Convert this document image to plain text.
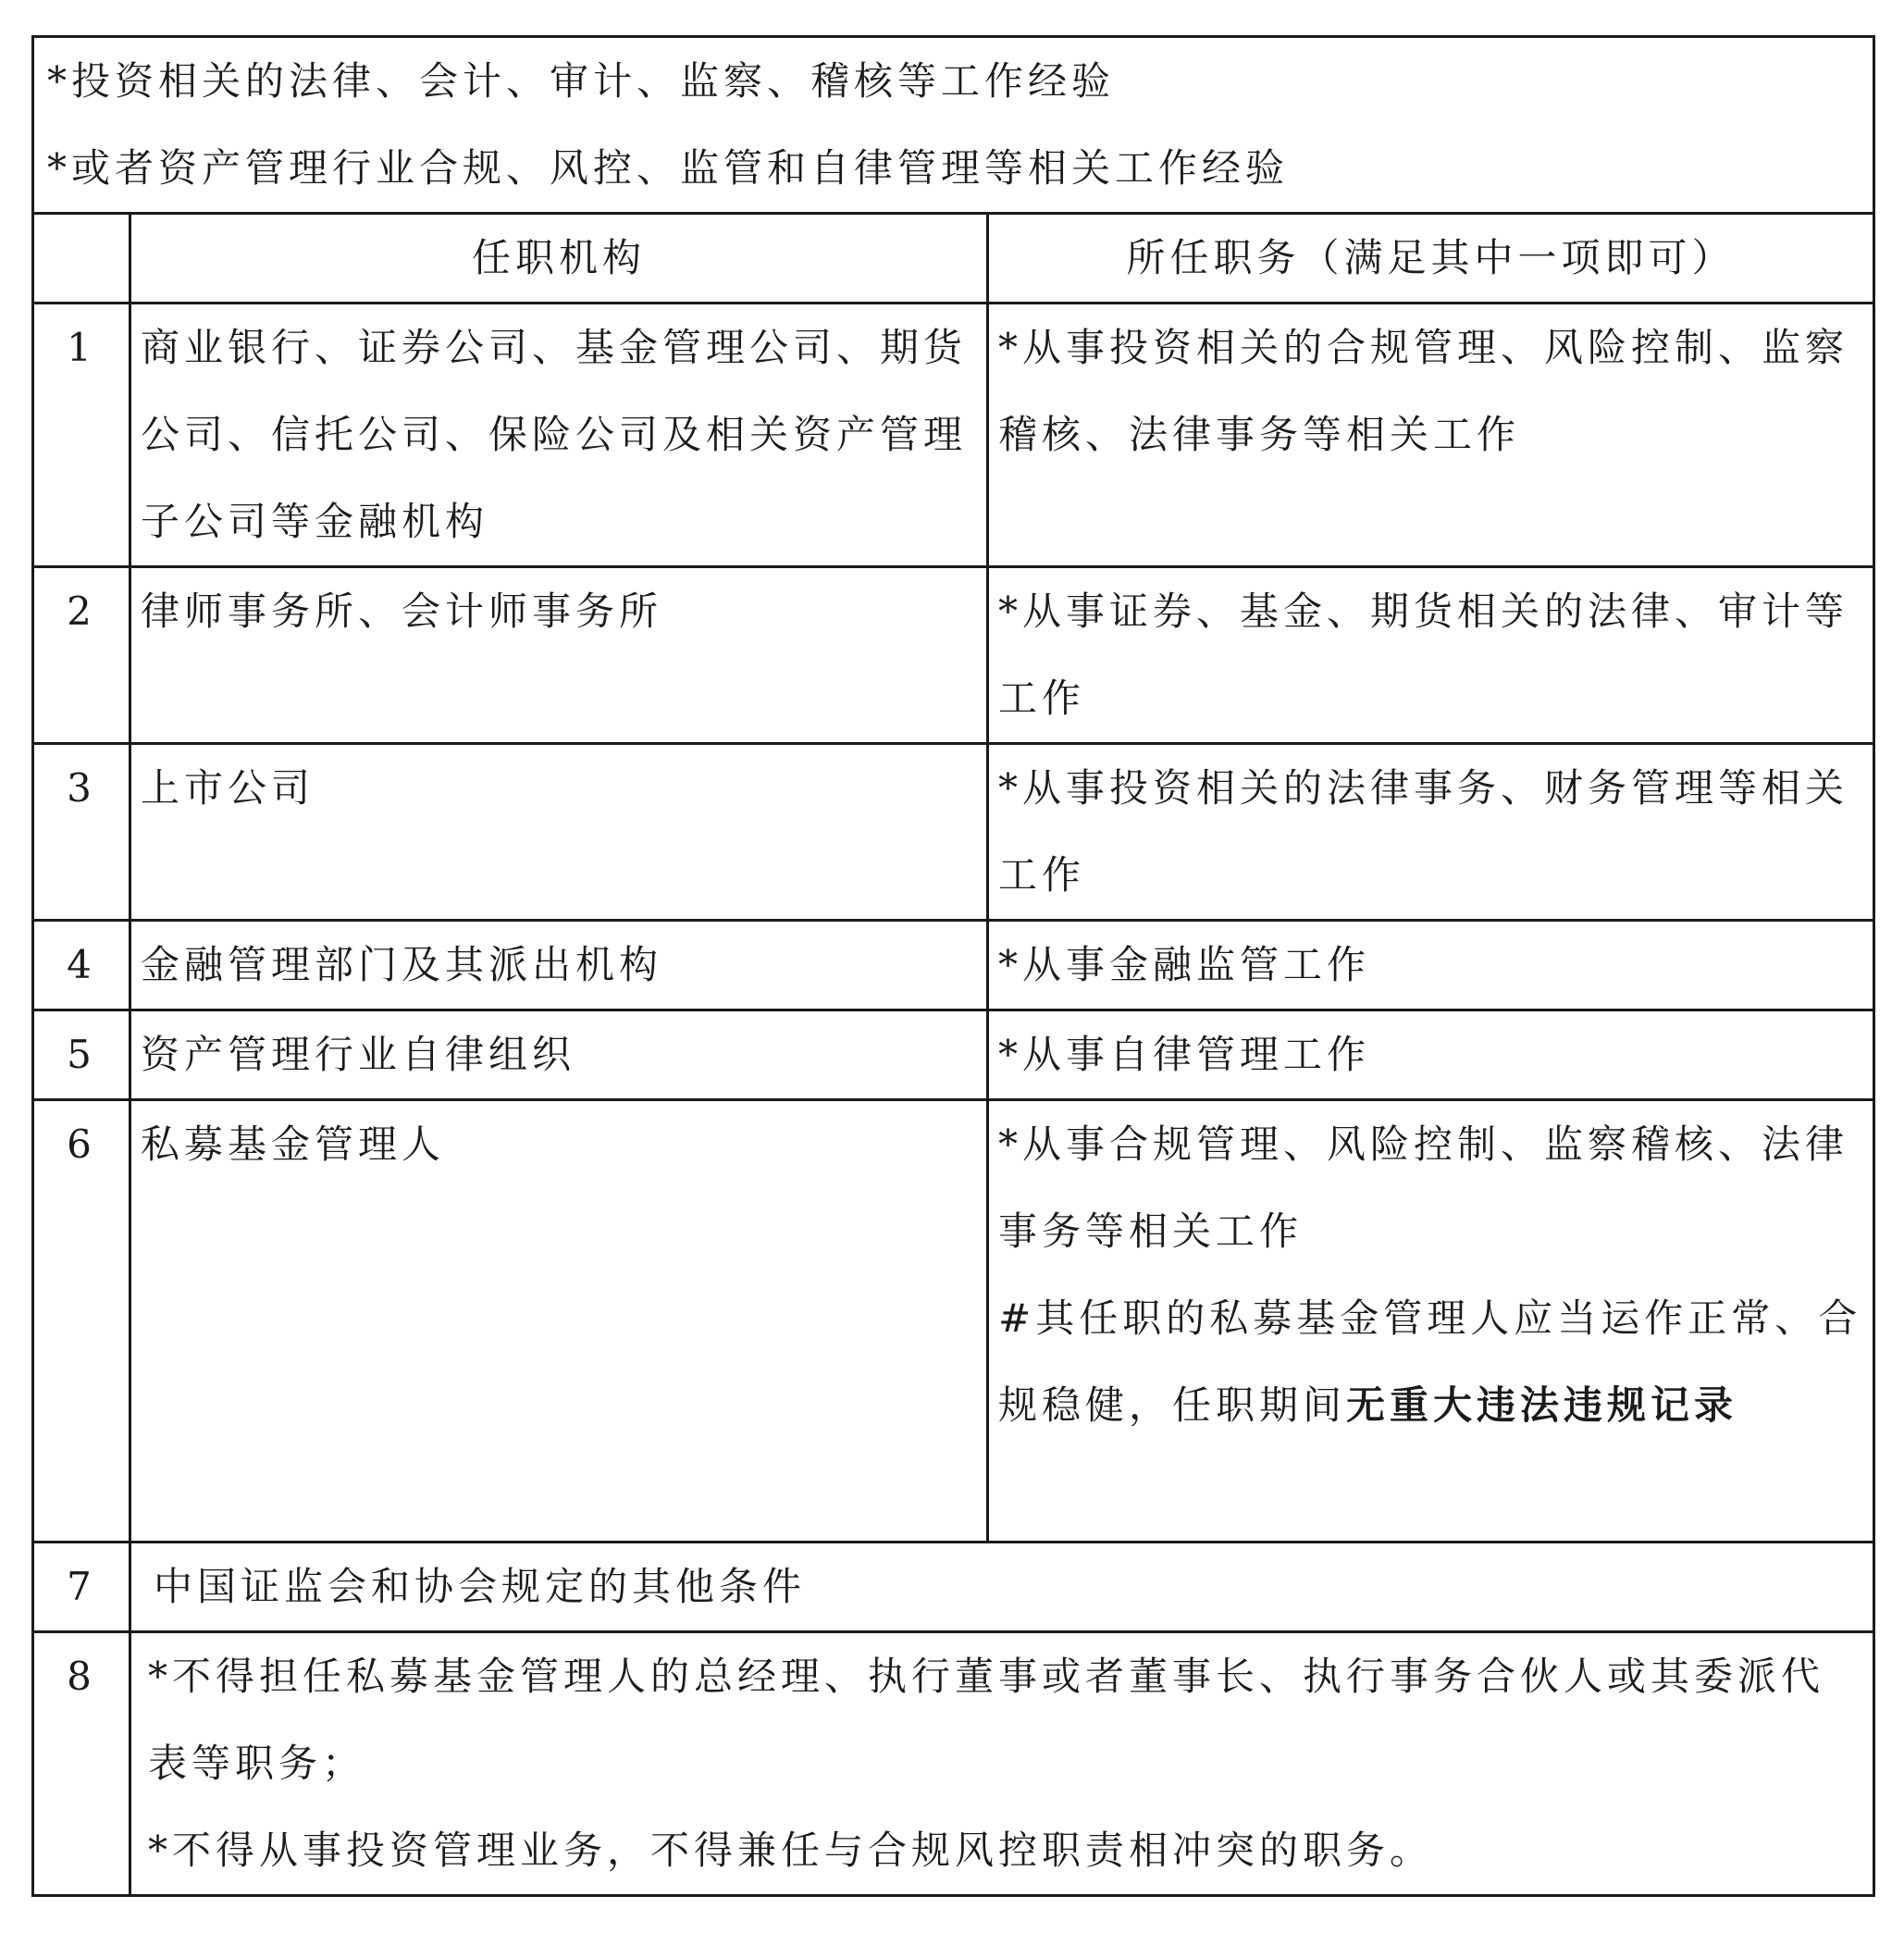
*投资相关的法律、会计、审计、监察、稽核等工作经验
*或者资产管理行业合规、风控、监管和自律管理等相关工作经验		

	任职机构	所任职务（满足其中一项即可）
1	商业银行、证券公司、基金管理公司、期货公司、信托公司、保险公司及相关资产管理子公司等金融机构	*从事投资相关的合规管理、风险控制、监察稽核、法律事务等相关工作
2	律师事务所、会计师事务所	*从事证券、基金、期货相关的法律、审计等工作
3	上市公司	*从事投资相关的法律事务、财务管理等相关工作
4	金融管理部门及其派出机构	*从事金融监管工作
5	资产管理行业自律组织	*从事自律管理工作
6	私募基金管理人	*从事合规管理、风险控制、监察稽核、法律事务等相关工作
#其任职的私募基金管理人应当运作正常、合规稳健，任职期间无重大违法违规记录

7	中国证监会和协会规定的其他条件	
8	*不得担任私募基金管理人的总经理、执行董事或者董事长、执行事务合伙人或其委派代表等职务；
*不得从事投资管理业务，不得兼任与合规风控职责相冲突的职务。	
